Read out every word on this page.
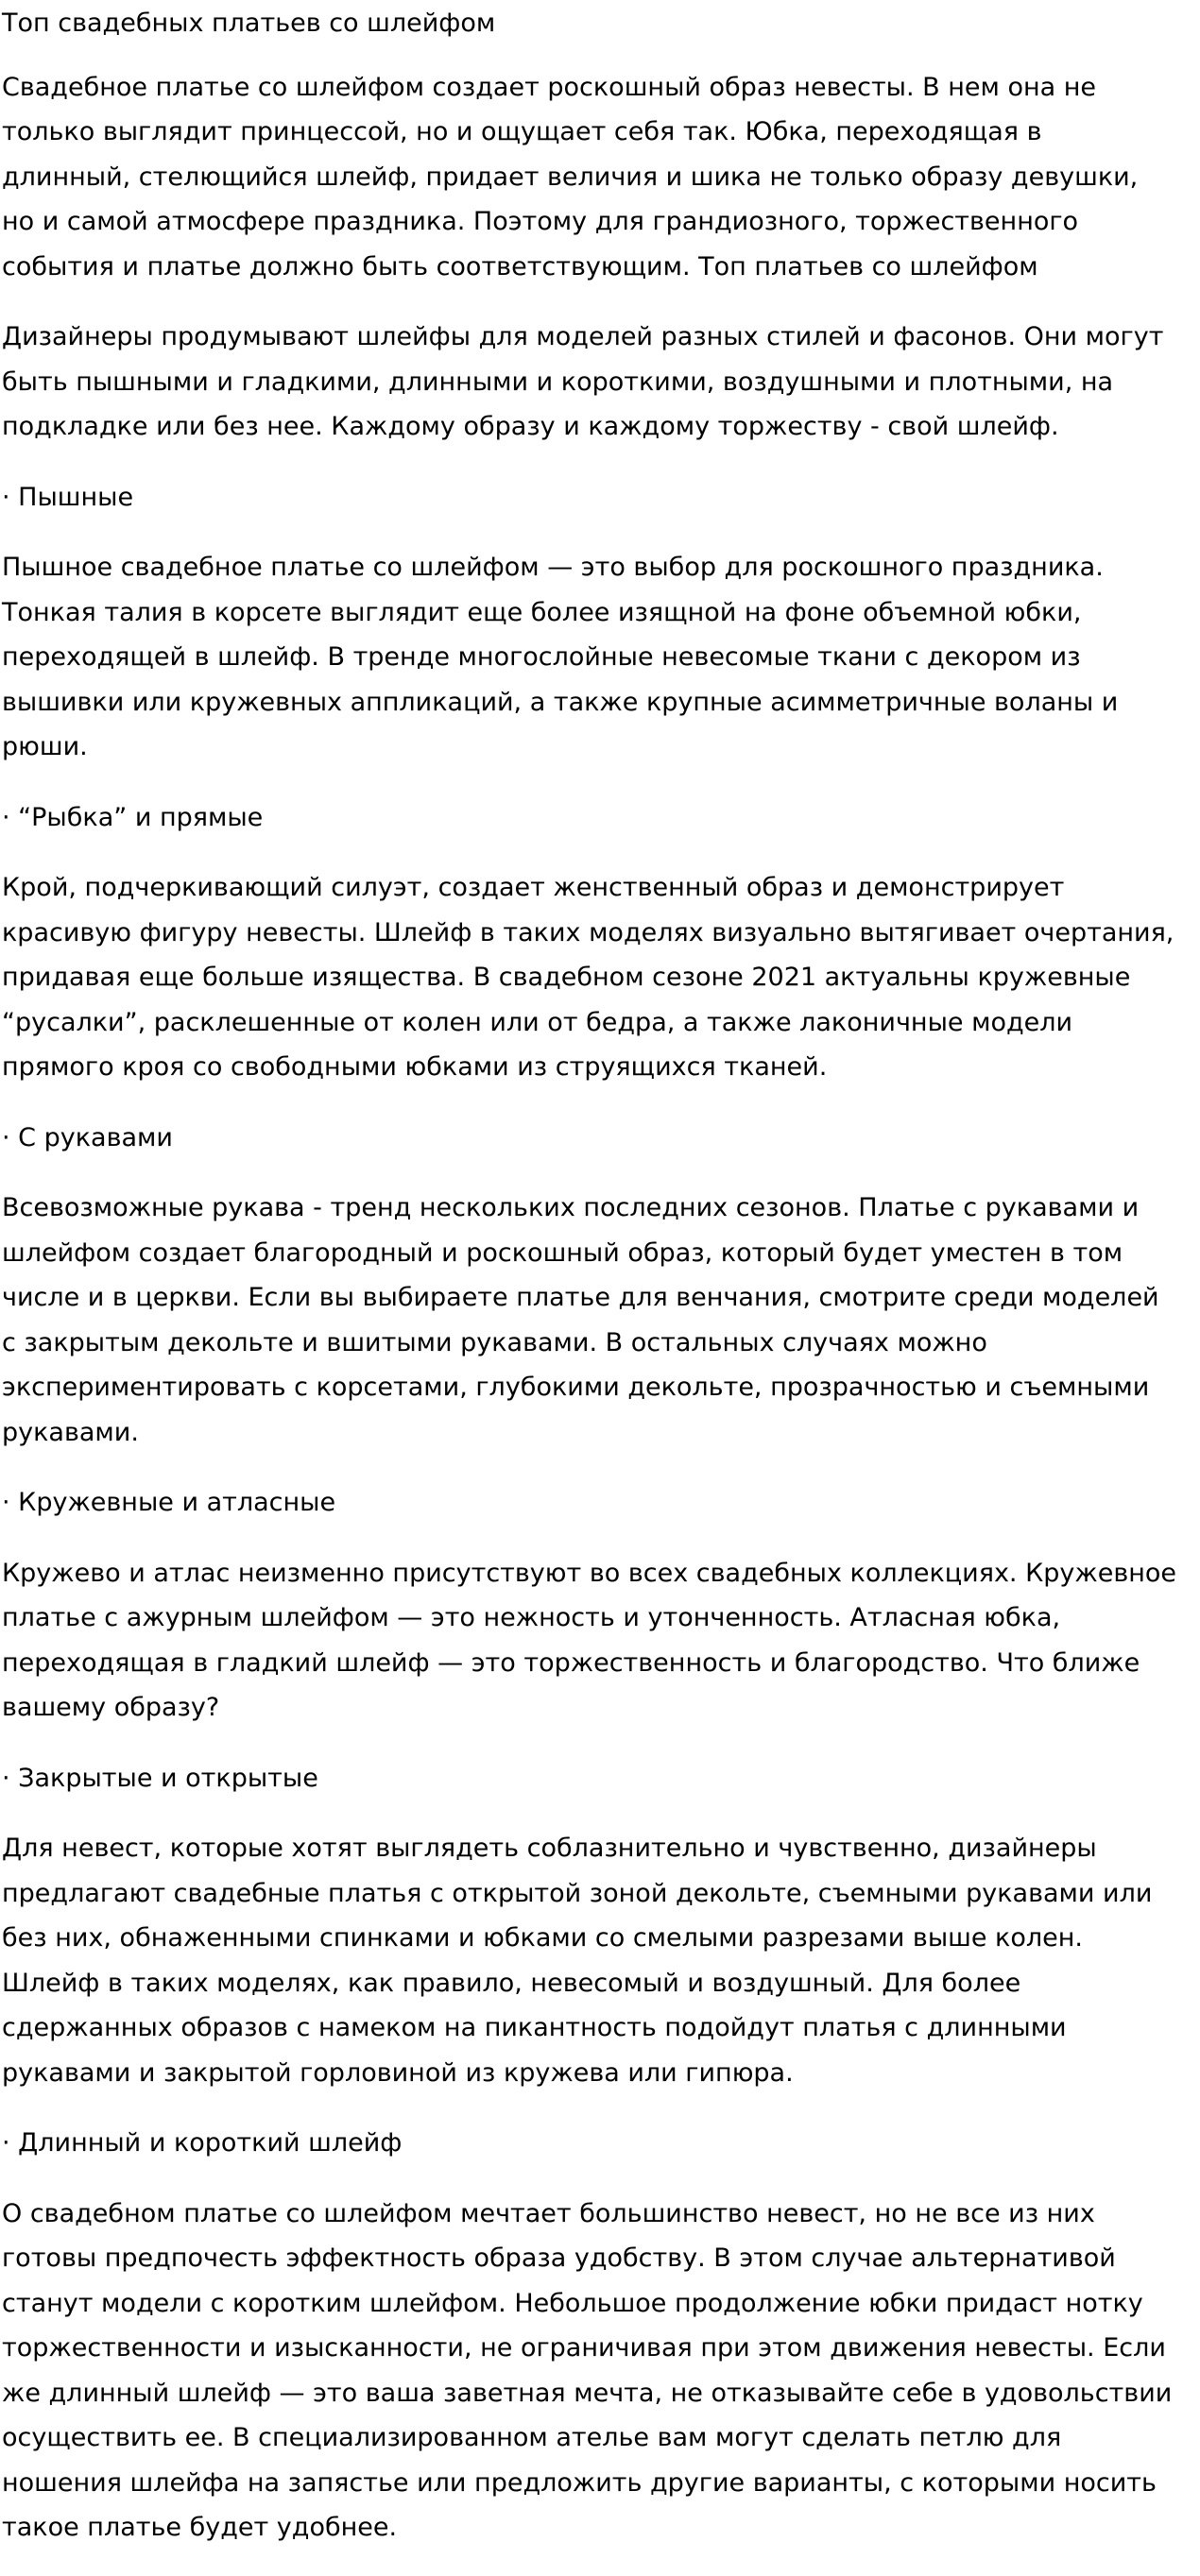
Топ свадебных платьев со шлейфом

Свадебное платье со шлейфом создает роскошный образ невесты. В нем она не только выглядит принцессой, но и ощущает себя так. Юбка, переходящая в длинный, стелющийся шлейф, придает величия и шика не только образу девушки, но и самой атмосфере праздника. Поэтому для грандиозного, торжественного события и платье должно быть соответствующим. Топ платьев со шлейфом

Дизайнеры продумывают шлейфы для моделей разных стилей и фасонов. Они могут быть пышными и гладкими, длинными и короткими, воздушными и плотными, на подкладке или без нее. Каждому образу и каждому торжеству - свой шлейф.

· Пышные

Пышное свадебное платье со шлейфом — это выбор для роскошного праздника. Тонкая талия в корсете выглядит еще более изящной на фоне объемной юбки, переходящей в шлейф. В тренде многослойные невесомые ткани с декором из вышивки или кружевных аппликаций, а также крупные асимметричные воланы и рюши.

· “Рыбка” и прямые

Крой, подчеркивающий силуэт, создает женственный образ и демонстрирует красивую фигуру невесты. Шлейф в таких моделях визуально вытягивает очертания, придавая еще больше изящества. В свадебном сезоне 2021 актуальны кружевные “русалки”, расклешенные от колен или от бедра, а также лаконичные модели прямого кроя со свободными юбками из струящихся тканей.

· С рукавами

Всевозможные рукава - тренд нескольких последних сезонов. Платье с рукавами и шлейфом создает благородный и роскошный образ, который будет уместен в том числе и в церкви. Если вы выбираете платье для венчания, смотрите среди моделей с закрытым декольте и вшитыми рукавами. В остальных случаях можно экспериментировать с корсетами, глубокими декольте, прозрачностью и съемными рукавами.

· Кружевные и атласные

Кружево и атлас неизменно присутствуют во всех свадебных коллекциях. Кружевное платье с ажурным шлейфом — это нежность и утонченность. Атласная юбка, переходящая в гладкий шлейф — это торжественность и благородство. Что ближе вашему образу?

· Закрытые и открытые

Для невест, которые хотят выглядеть соблазнительно и чувственно, дизайнеры предлагают свадебные платья с открытой зоной декольте, съемными рукавами или без них, обнаженными спинками и юбками со смелыми разрезами выше колен. Шлейф в таких моделях, как правило, невесомый и воздушный. Для более сдержанных образов с намеком на пикантность подойдут платья с длинными рукавами и закрытой горловиной из кружева или гипюра.

· Длинный и короткий шлейф

О свадебном платье со шлейфом мечтает большинство невест, но не все из них готовы предпочесть эффектность образа удобству. В этом случае альтернативой станут модели с коротким шлейфом. Небольшое продолжение юбки придаст нотку торжественности и изысканности, не ограничивая при этом движения невесты. Если же длинный шлейф — это ваша заветная мечта, не отказывайте себе в удовольствии осуществить ее. В специализированном ателье вам могут сделать петлю для ношения шлейфа на запястье или предложить другие варианты, с которыми носить такое платье будет удобнее.
